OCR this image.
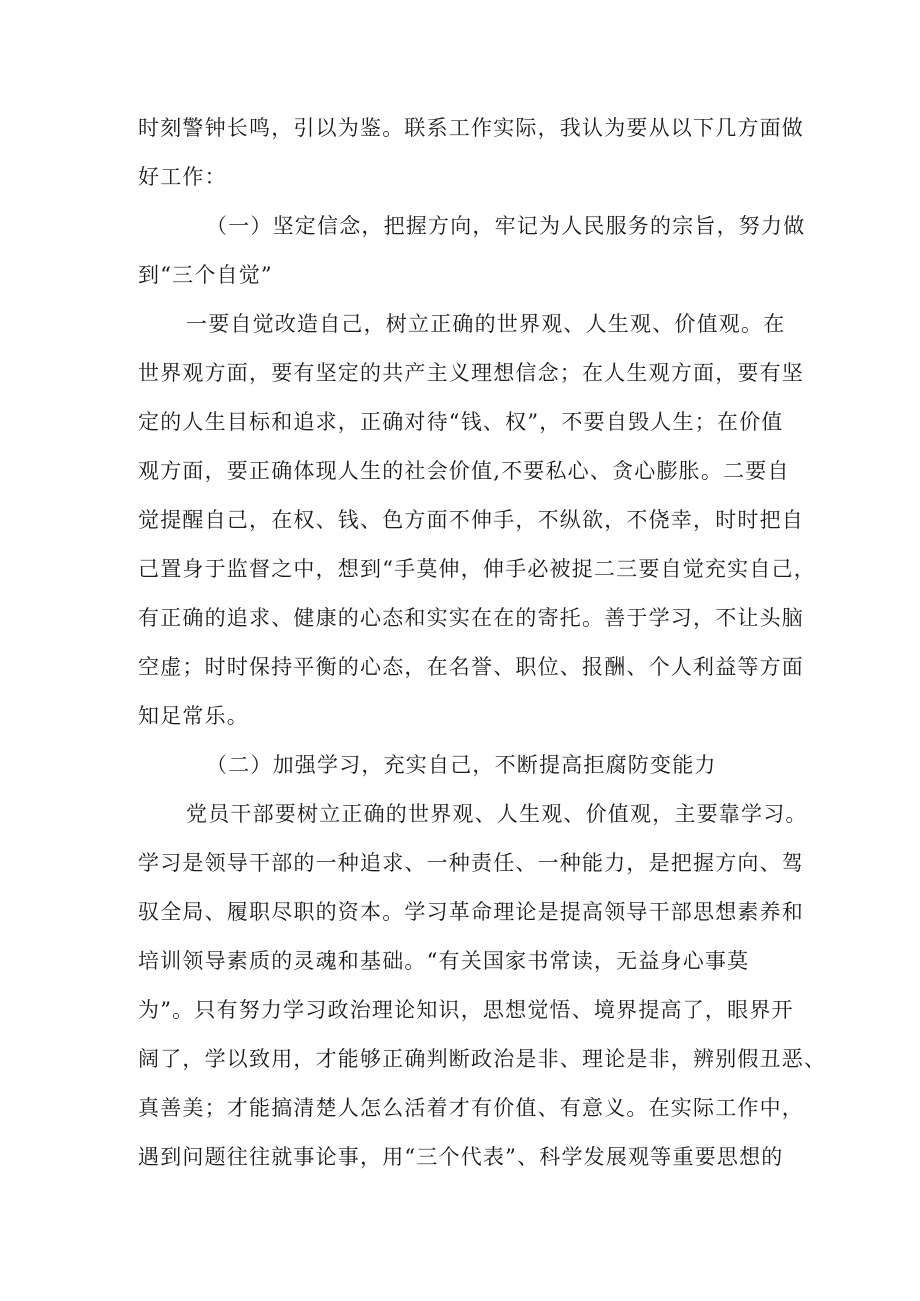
时刻警钟长鸣，引以为鉴。联系工作实际，我认为要从以下几方面做
好工作：
（一）坚定信念，把握方向，牢记为人民服务的宗旨，努力做
到“三个自觉”
一要自觉改造自己，树立正确的世界观、人生观、价值观。在
世界观方面，要有坚定的共产主义理想信念；在人生观方面，要有坚
定的人生目标和追求，正确对待“钱、权”，不要自毁人生；在价值
观方面，要正确体现人生的社会价值,不要私心、贪心膨胀。二要自
觉提醒自己，在权、钱、色方面不伸手，不纵欲，不侥幸，时时把自
己置身于监督之中，想到“手莫伸，伸手必被捉二三要自觉充实自己，
有正确的追求、健康的心态和实实在在的寄托。善于学习，不让头脑
空虚；时时保持平衡的心态，在名誉、职位、报酬、个人利益等方面
知足常乐。
（二）加强学习，充实自己，不断提高拒腐防变能力
党员干部要树立正确的世界观、人生观、价值观，主要靠学习。
学习是领导干部的一种追求、一种责任、一种能力，是把握方向、驾
驭全局、履职尽职的资本。学习革命理论是提高领导干部思想素养和
培训领导素质的灵魂和基础。“有关国家书常读，无益身心事莫
为”。只有努力学习政治理论知识，思想觉悟、境界提高了，眼界开
阔了，学以致用，才能够正确判断政治是非、理论是非，辨别假丑恶、
真善美；才能搞清楚人怎么活着才有价值、有意义。在实际工作中，
遇到问题往往就事论事，用“三个代表”、科学发展观等重要思想的
